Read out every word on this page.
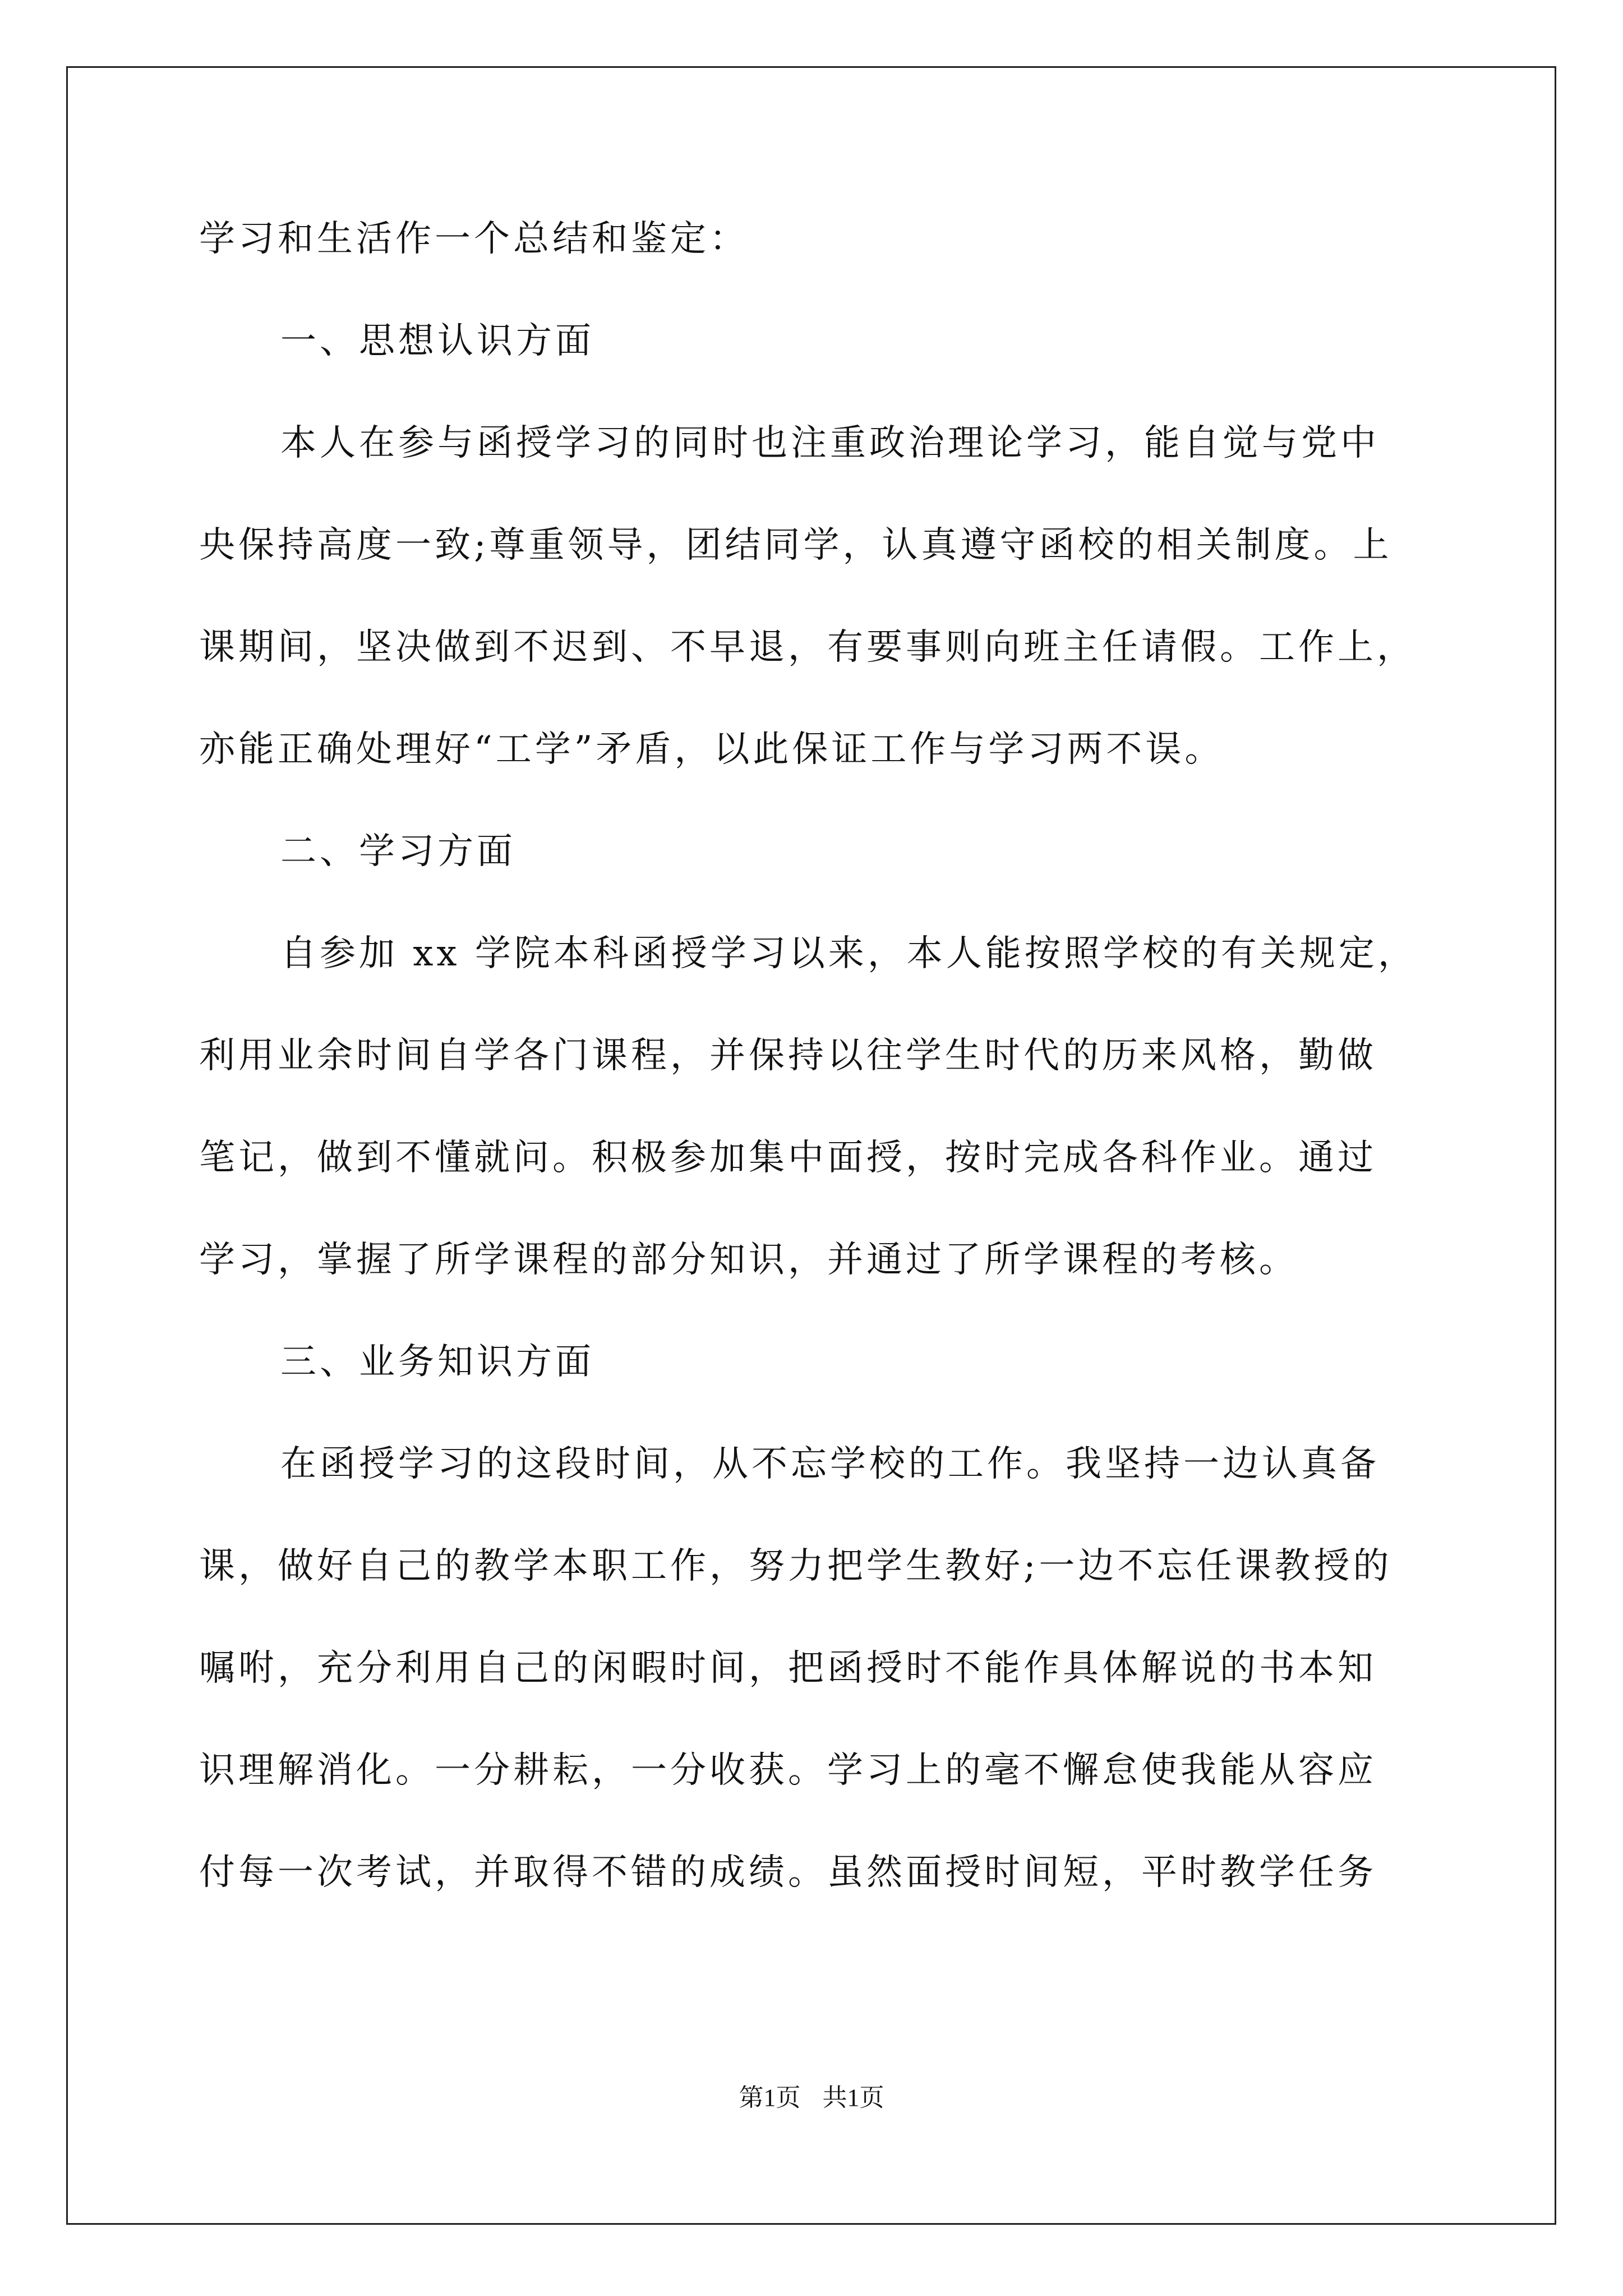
学习和生活作一个总结和鉴定：
一、思想认识方面
本人在参与函授学习的同时也注重政治理论学习，能自觉与党中
央保持高度一致;尊重领导，团结同学，认真遵守函校的相关制度。上
课期间，坚决做到不迟到、不早退，有要事则向班主任请假。工作上，
亦能正确处理好“工学”矛盾，以此保证工作与学习两不误。
二、学习方面
自参加 xx 学院本科函授学习以来，本人能按照学校的有关规定，
利用业余时间自学各门课程，并保持以往学生时代的历来风格，勤做
笔记，做到不懂就问。积极参加集中面授，按时完成各科作业。通过
学习，掌握了所学课程的部分知识，并通过了所学课程的考核。
三、业务知识方面
在函授学习的这段时间，从不忘学校的工作。我坚持一边认真备
课，做好自己的教学本职工作，努力把学生教好;一边不忘任课教授的
嘱咐，充分利用自己的闲暇时间，把函授时不能作具体解说的书本知
识理解消化。一分耕耘，一分收获。学习上的毫不懈怠使我能从容应
付每一次考试，并取得不错的成绩。虽然面授时间短，平时教学任务
第1页 共1页
